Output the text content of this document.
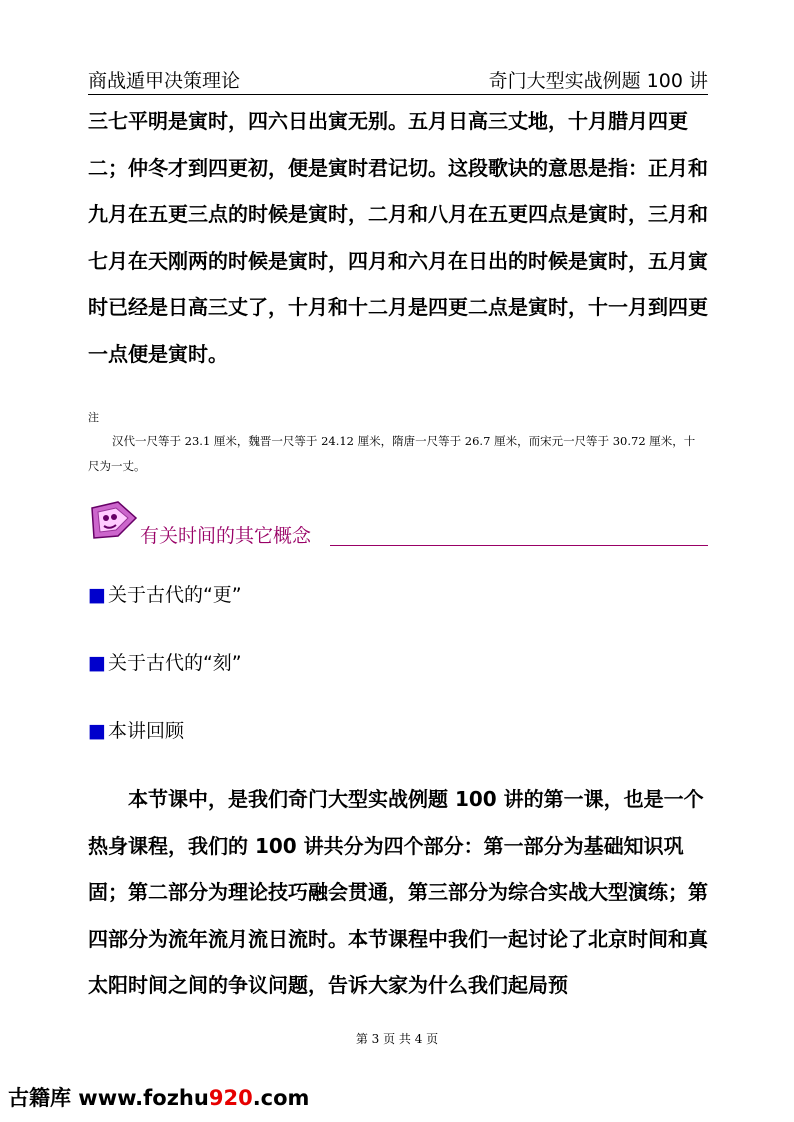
商战遁甲决策理论	奇门大型实战例题 100 讲

三七平明是寅时，四六日出寅无别。五月日高三丈地，十月腊月四更二；仲冬才到四更初，便是寅时君记切。这段歌诀的意思是指：正月和九月在五更三点的时候是寅时，二月和八月在五更四点是寅时，三月和七月在天刚两的时候是寅时，四月和六月在日出的时候是寅时，五月寅时已经是日高三丈了，十月和十二月是四更二点是寅时，十一月到四更一点便是寅时。

注

汉代一尺等于 23.1 厘米，魏晋一尺等于 24.12 厘米，隋唐一尺等于 26.7 厘米，而宋元一尺等于 30.72 厘米，十尺为一丈。

有关时间的其它概念
■ 关于古代的“更”
■ 关于古代的“刻”
■ 本讲回顾

本节课中，是我们奇门大型实战例题 100 讲的第一课，也是一个热身课程，我们的 100 讲共分为四个部分：第一部分为基础知识巩固；第二部分为理论技巧融会贯通，第三部分为综合实战大型演练；第四部分为流年流月流日流时。本节课程中我们一起讨论了北京时间和真太阳时间之间的争议问题，告诉大家为什么我们起局预

第 3 页 共 4 页
古籍库 www.fozhu920.com
